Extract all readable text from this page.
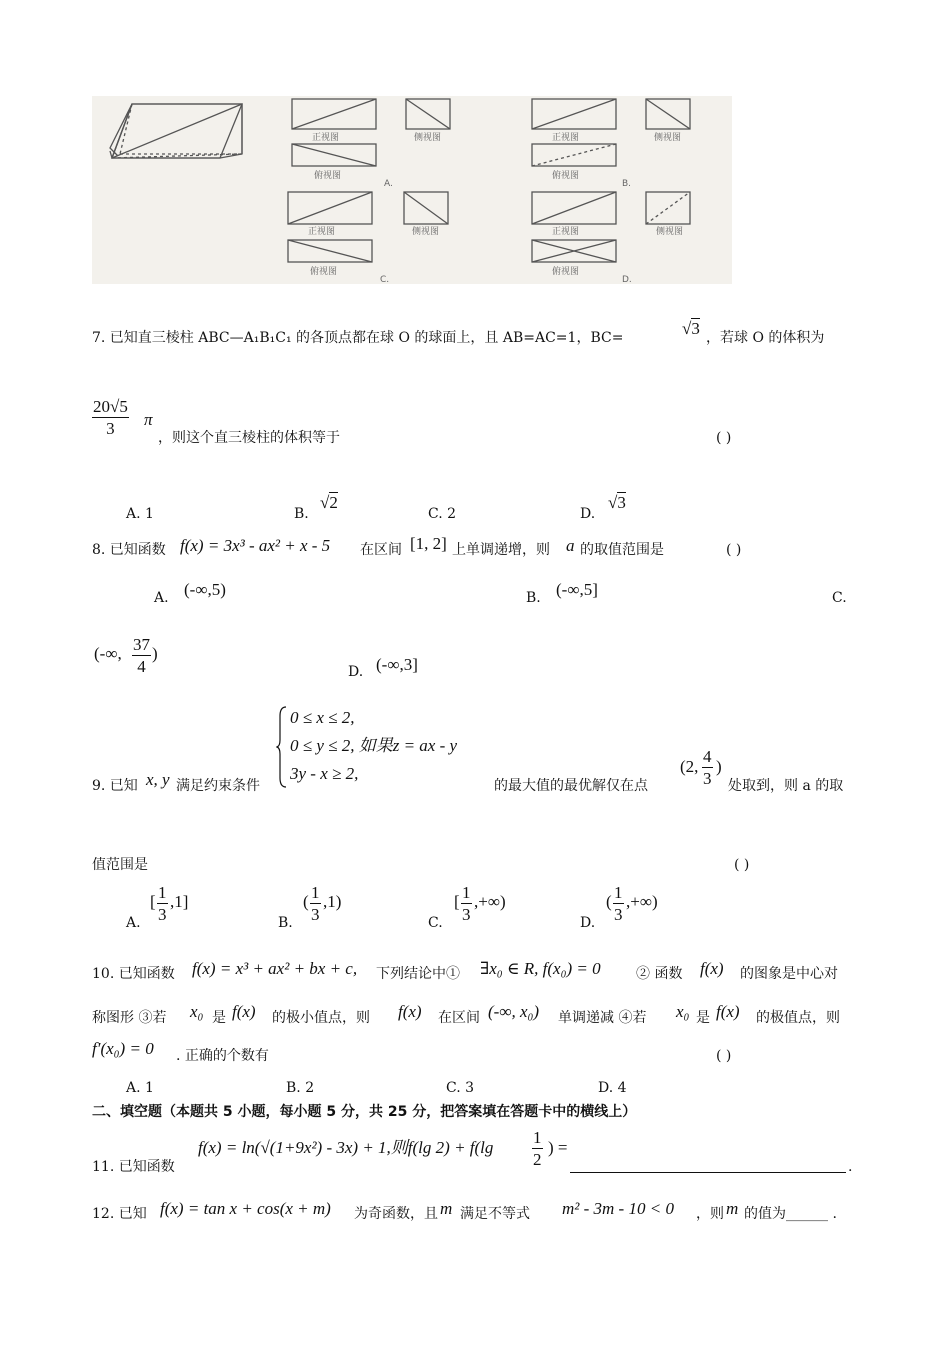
正视图	侧视图
俯视图
正视图	侧视图
俯视图
正视图	侧视图
俯视图
正视图	侧视图
俯视图
A.	B.
C.	D.
7. 已知直三棱柱 ABC—A₁B₁C₁ 的各顶点都在球 O 的球面上，且 AB=AC=1，BC=	√3 ，若球 O 的体积为
$\frac{20√5}{3}$ π
，则这个直三棱柱的体积等于	( )
A. 1	B.
√2
C. 2	D.
√3
8. 已知函数 f(x) = 3x³ - ax² + x - 5 在区间 [1, 2] 上单调递增，则 a 的取值范围是	( )
A. (-∞,5)	B. (-∞,5]	C.
(-∞, $\frac{37}{4}$ )
D. (-∞,3]
9. 已知 x, y 满足约束条件
0 ≤ x ≤ 2,
0 ≤ y ≤ 2, 如果z = ax - y
3y - x ≥ 2,
的最大值的最优解仅在点
(2, $\frac{4}{3}$ )
处取到，则 a 的取
值范围是	( )
A.
[ $\frac{1}{3} ,1$]
B.
( $\frac{1}{3} ,1$)
C.
[ $\frac{1}{3}$ ,+∞)
D.
( $\frac{1}{3}$ ,+∞)
10. 已知函数 f(x) = x³ + ax² + bx + c, 下列结论中① ∃x₀ ∈ R, f(x₀) = 0	② 函数 f(x) 的图象是中心对
称图形 ③若 x₀ 是 f(x) 的极小值点，则 f(x) 在区间 (-∞, x₀) 单调递减 ④若 x₀ 是 f(x) 的极值点，则
f′(x₀) = 0 . 正确的个数有	( )
A. 1	B. 2	C. 3	D. 4
二、填空题（本题共 5 小题，每小题 5 分，共 25 分，把答案填在答题卡中的横线上）
11. 已知函数
f(x) = ln(√(1+9x²) - 3x) + 1,则f(lg $2) + f(\lg \frac{1}{2}$ ) =
.
12. 已知 f(x) = tan x + cos(x + m) 为奇函数，且 m 满足不等式 m² - 3m - 10 < 0 ，则 m 的值为______ .
